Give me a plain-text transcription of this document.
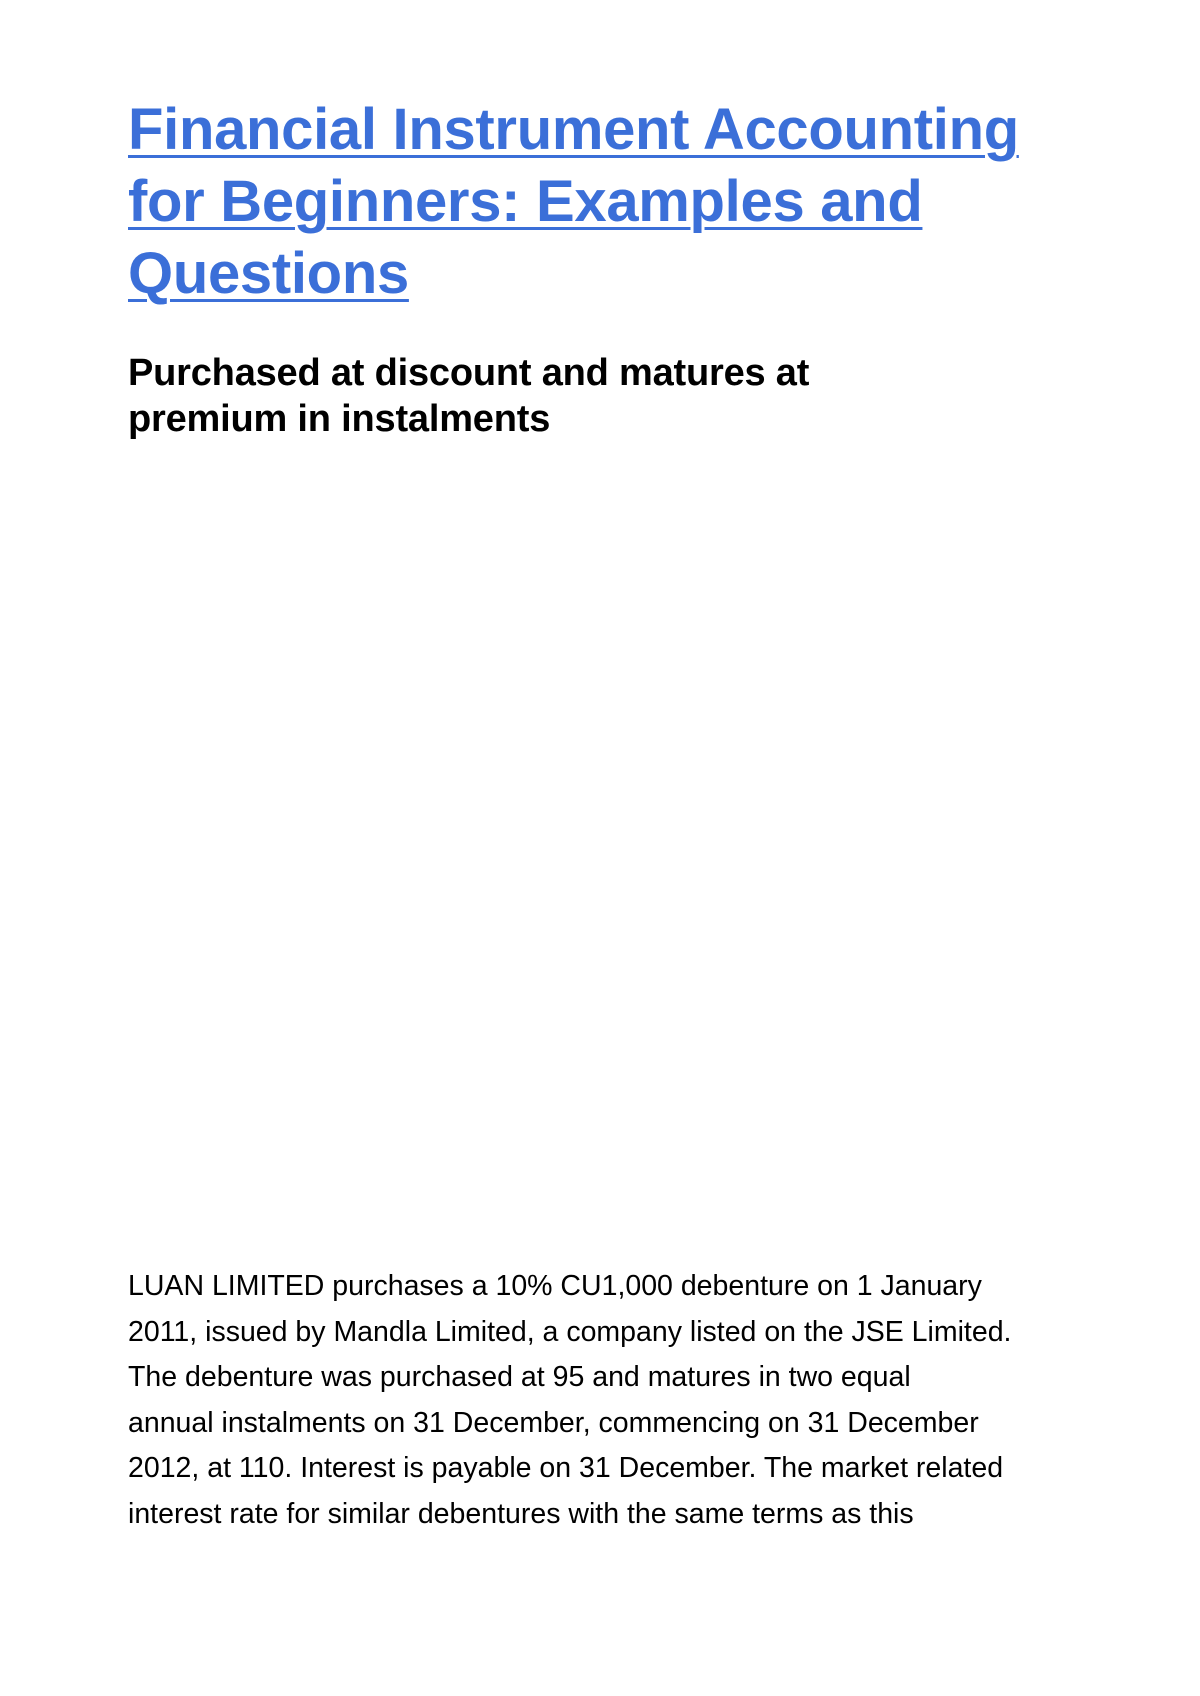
Financial Instrument Accounting
for Beginners: Examples and
Questions
Purchased at discount and matures at
premium in instalments

LUAN LIMITED purchases a 10% CU1,000 debenture on 1 January
2011, issued by Mandla Limited, a company listed on the JSE Limited.
The debenture was purchased at 95 and matures in two equal
annual instalments on 31 December, commencing on 31 December
2012, at 110. Interest is payable on 31 December. The market related
interest rate for similar debentures with the same terms as this
